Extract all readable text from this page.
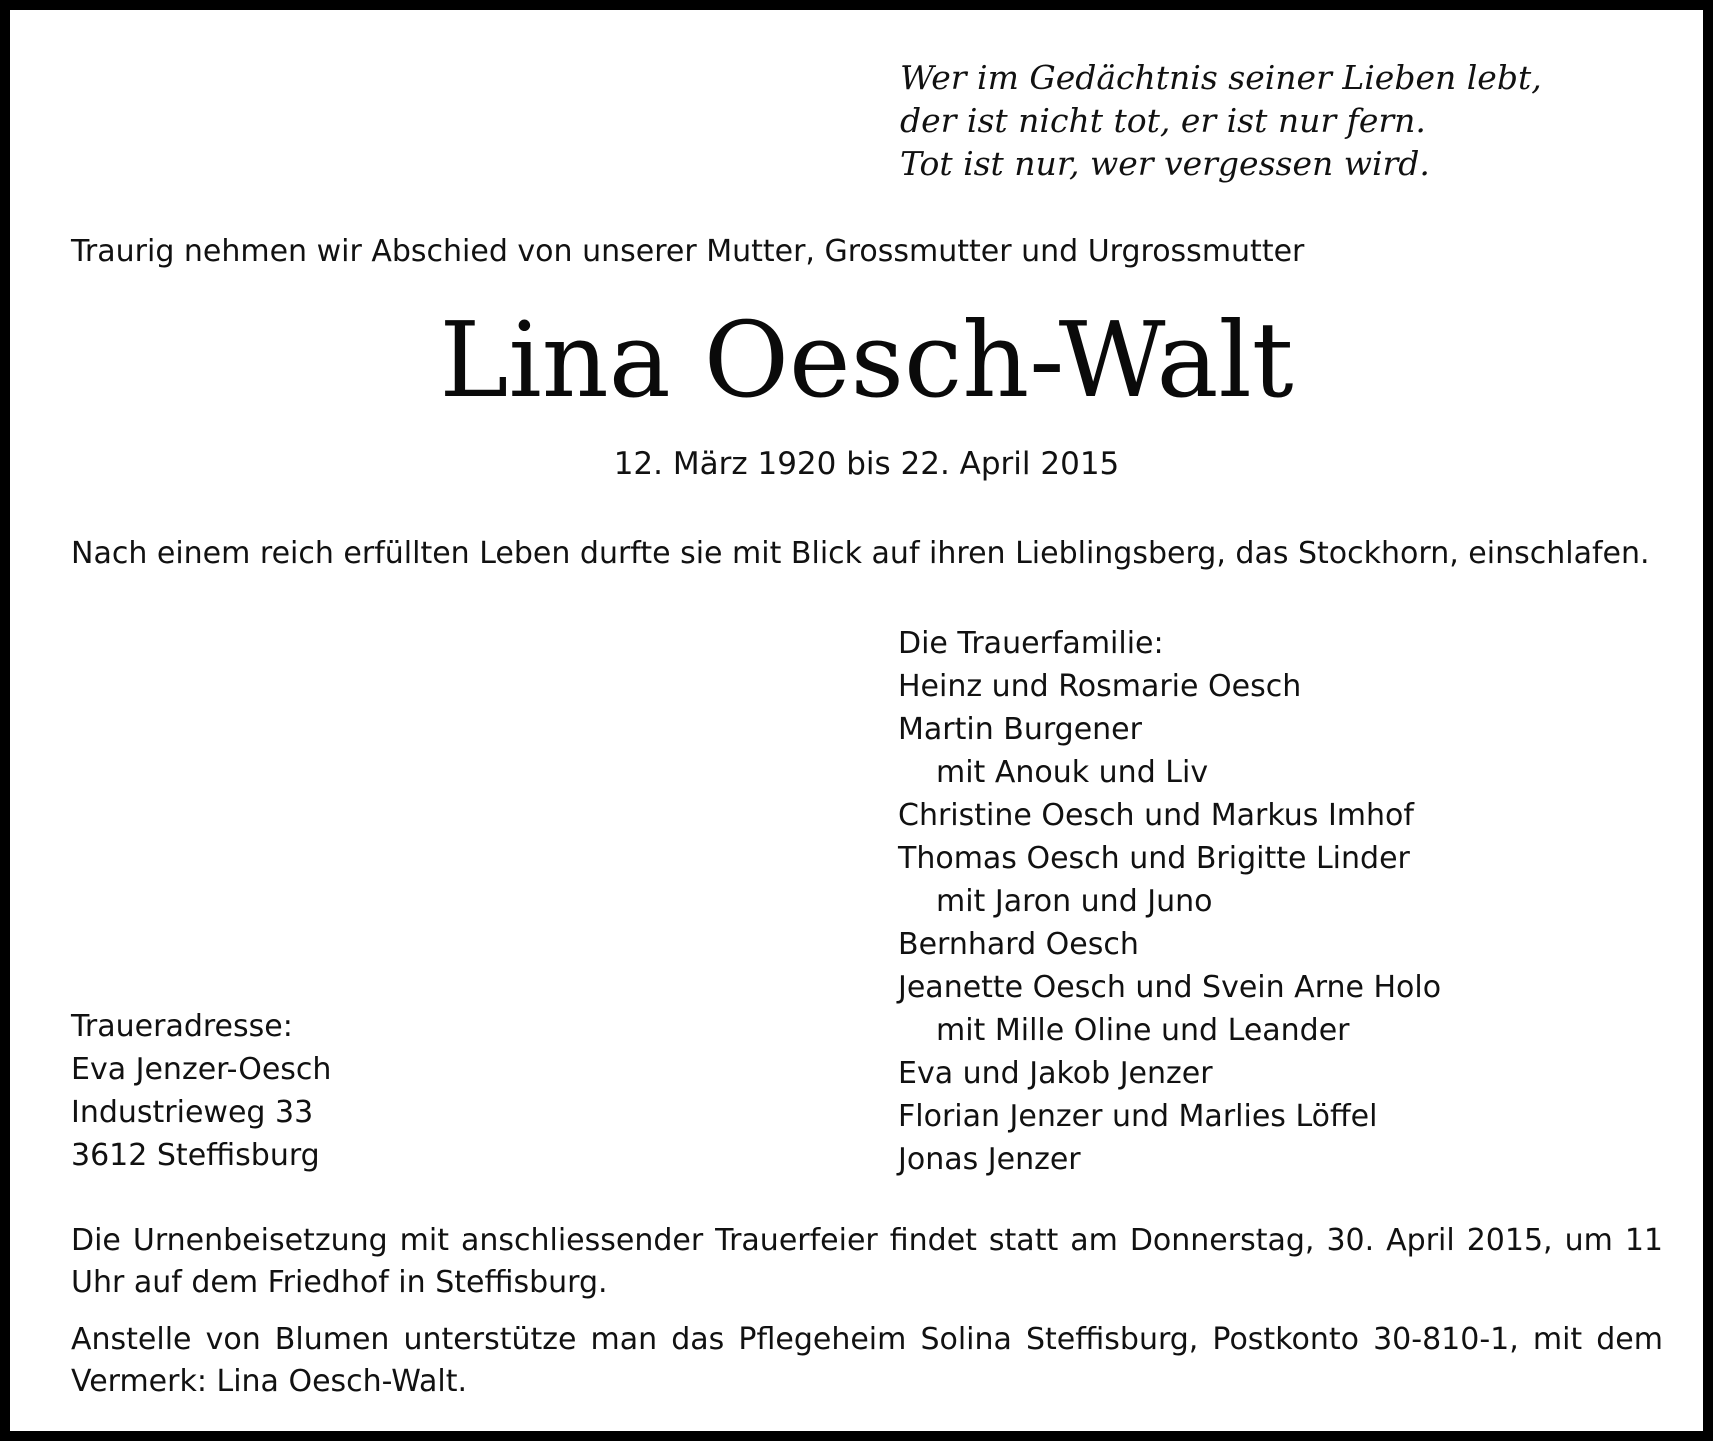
Wer im Gedächtnis seiner Lieben lebt,
der ist nicht tot, er ist nur fern.
Tot ist nur, wer vergessen wird.
Traurig nehmen wir Abschied von unserer Mutter, Grossmutter und Urgrossmutter
Lina Oesch-Walt
12. März 1920 bis 22. April 2015
Nach einem reich erfüllten Leben durfte sie mit Blick auf ihren Lieblingsberg, das Stockhorn, einschlafen.
Die Trauerfamilie:
Heinz und Rosmarie Oesch
Martin Burgener
mit Anouk und Liv
Christine Oesch und Markus Imhof
Thomas Oesch und Brigitte Linder
mit Jaron und Juno
Bernhard Oesch
Jeanette Oesch und Svein Arne Holo
mit Mille Oline und Leander
Eva und Jakob Jenzer
Florian Jenzer und Marlies Löffel
Jonas Jenzer
Traueradresse:
Eva Jenzer-Oesch
Industrieweg 33
3612 Steffisburg
Die Urnenbeisetzung mit anschliessender Trauerfeier findet statt am Donnerstag, 30. April 2015, um 11 Uhr auf dem Friedhof in Steffisburg.
Anstelle von Blumen unterstütze man das Pflegeheim Solina Steffisburg, Postkonto 30-810-1, mit dem Vermerk: Lina Oesch-Walt.
